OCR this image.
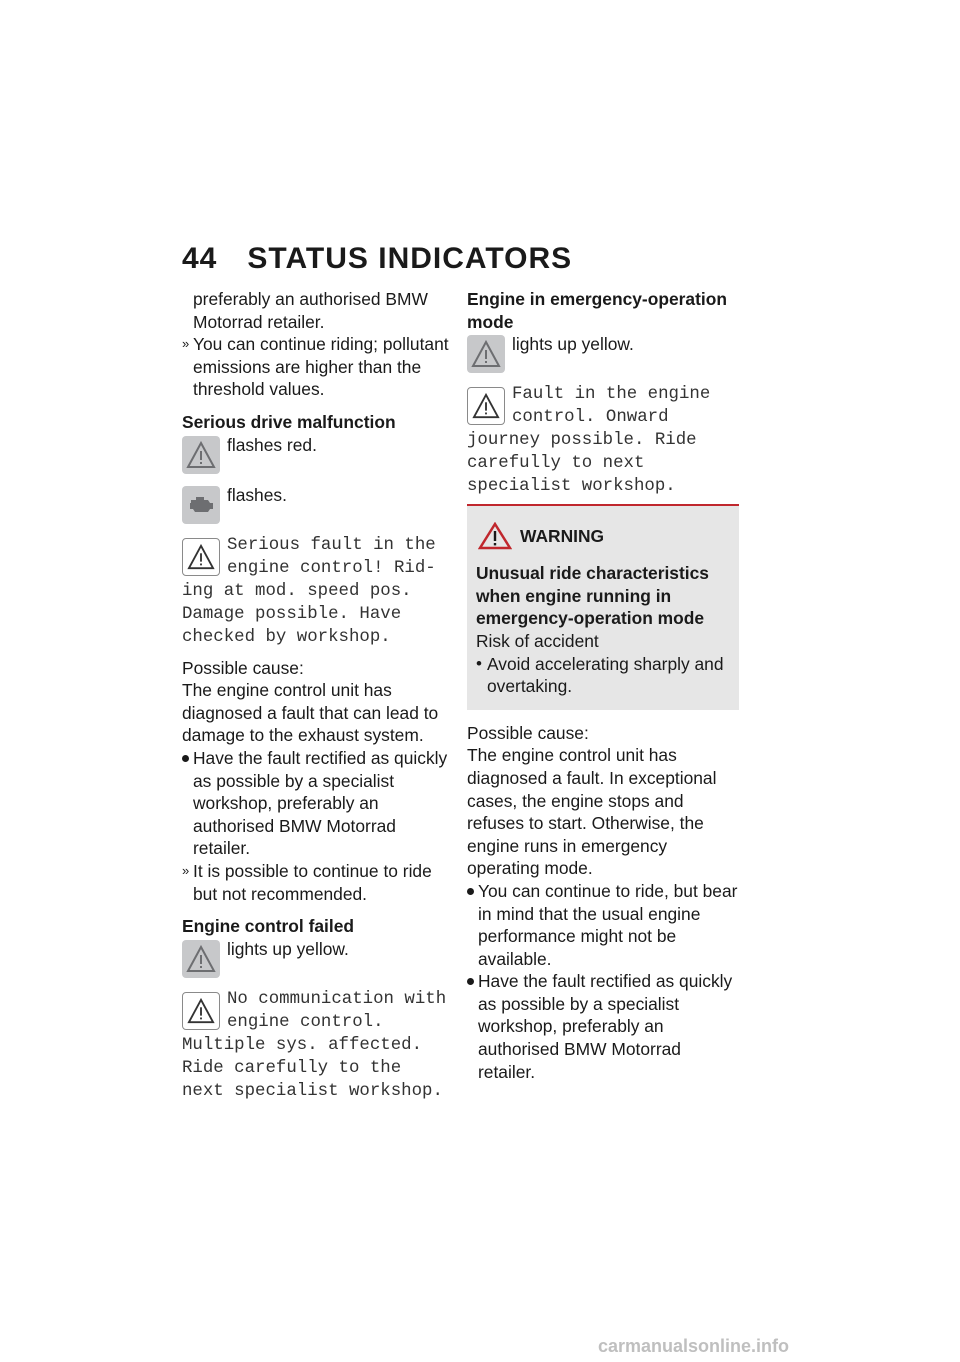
44 STATUS INDICATORS
preferably an authorised BMW Motorrad retailer.
» You can continue riding; pollutant emissions are higher than the threshold values.
Serious drive malfunction
flashes red.
flashes.
Serious fault in the engine control! Rid-
ing at mod. speed pos. Damage possible. Have checked by workshop.
Possible cause:
The engine control unit has diagnosed a fault that can lead to damage to the exhaust system.
Have the fault rectified as quickly as possible by a specialist workshop, preferably an authorised BMW Motorrad retailer.
» It is possible to continue to ride but not recommended.
Engine control failed
lights up yellow.
No communication with engine control.
Multiple sys. affected. Ride carefully to the next specialist workshop.
Engine in emergency-operation mode
lights up yellow.
Fault in the engine control. Onward
journey possible. Ride carefully to next specialist workshop.
WARNING
Unusual ride characteristics when engine running in emergency-operation mode
Risk of accident
• Avoid accelerating sharply and overtaking.
Possible cause:
The engine control unit has diagnosed a fault. In exceptional cases, the engine stops and refuses to start. Otherwise, the engine runs in emergency operating mode.
You can continue to ride, but bear in mind that the usual engine performance might not be available.
Have the fault rectified as quickly as possible by a specialist workshop, preferably an authorised BMW Motorrad retailer.
carmanualsonline.info
